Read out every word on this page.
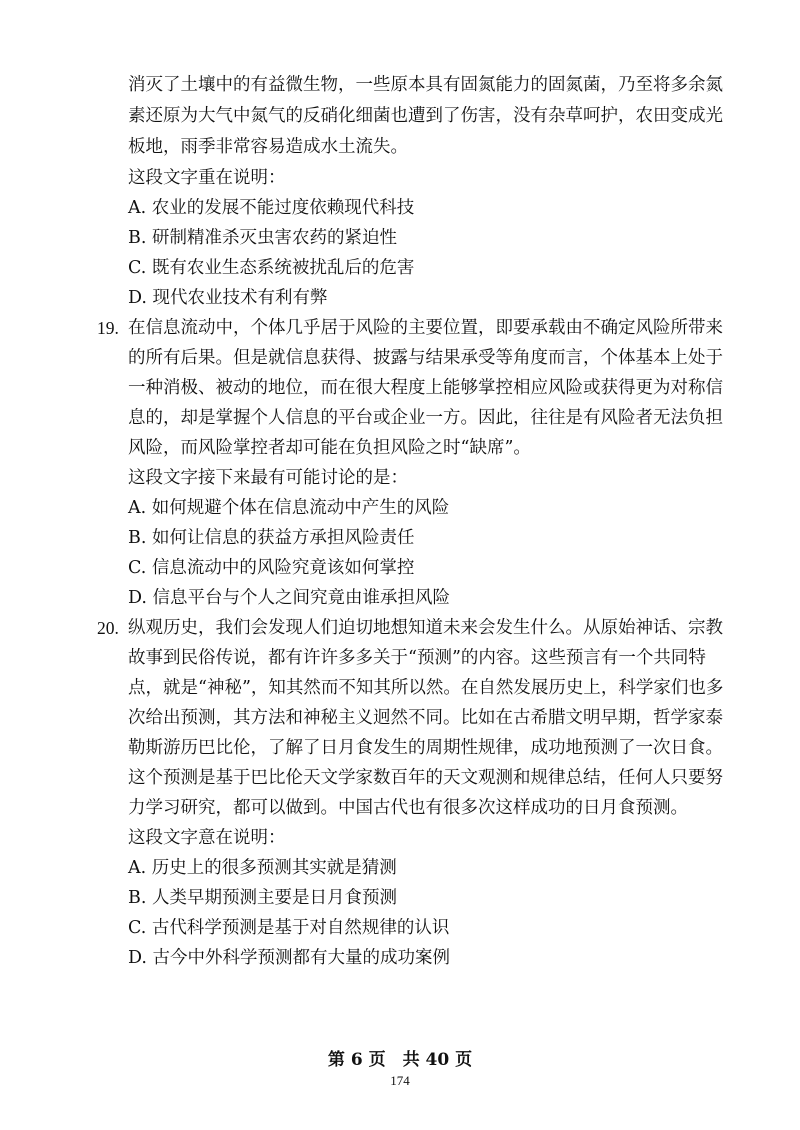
消灭了土壤中的有益微生物，一些原本具有固氮能力的固氮菌，乃至将多余氮
素还原为大气中氮气的反硝化细菌也遭到了伤害，没有杂草呵护，农田变成光
板地，雨季非常容易造成水土流失。
这段文字重在说明：
A. 农业的发展不能过度依赖现代科技
B. 研制精准杀灭虫害农药的紧迫性
C. 既有农业生态系统被扰乱后的危害
D. 现代农业技术有利有弊
19. 在信息流动中，个体几乎居于风险的主要位置，即要承载由不确定风险所带来
的所有后果。但是就信息获得、披露与结果承受等角度而言，个体基本上处于
一种消极、被动的地位，而在很大程度上能够掌控相应风险或获得更为对称信
息的，却是掌握个人信息的平台或企业一方。因此，往往是有风险者无法负担
风险，而风险掌控者却可能在负担风险之时“缺席”。
这段文字接下来最有可能讨论的是：
A. 如何规避个体在信息流动中产生的风险
B. 如何让信息的获益方承担风险责任
C. 信息流动中的风险究竟该如何掌控
D. 信息平台与个人之间究竟由谁承担风险
20. 纵观历史，我们会发现人们迫切地想知道未来会发生什么。从原始神话、宗教
故事到民俗传说，都有许许多多关于“预测”的内容。这些预言有一个共同特
点，就是“神秘”，知其然而不知其所以然。在自然发展历史上，科学家们也多
次给出预测，其方法和神秘主义迥然不同。比如在古希腊文明早期，哲学家泰
勒斯游历巴比伦，了解了日月食发生的周期性规律，成功地预测了一次日食。
这个预测是基于巴比伦天文学家数百年的天文观测和规律总结，任何人只要努
力学习研究，都可以做到。中国古代也有很多次这样成功的日月食预测。
这段文字意在说明：
A. 历史上的很多预测其实就是猜测
B. 人类早期预测主要是日月食预测
C. 古代科学预测是基于对自然规律的认识
D. 古今中外科学预测都有大量的成功案例
第 6 页　共 40 页
174
